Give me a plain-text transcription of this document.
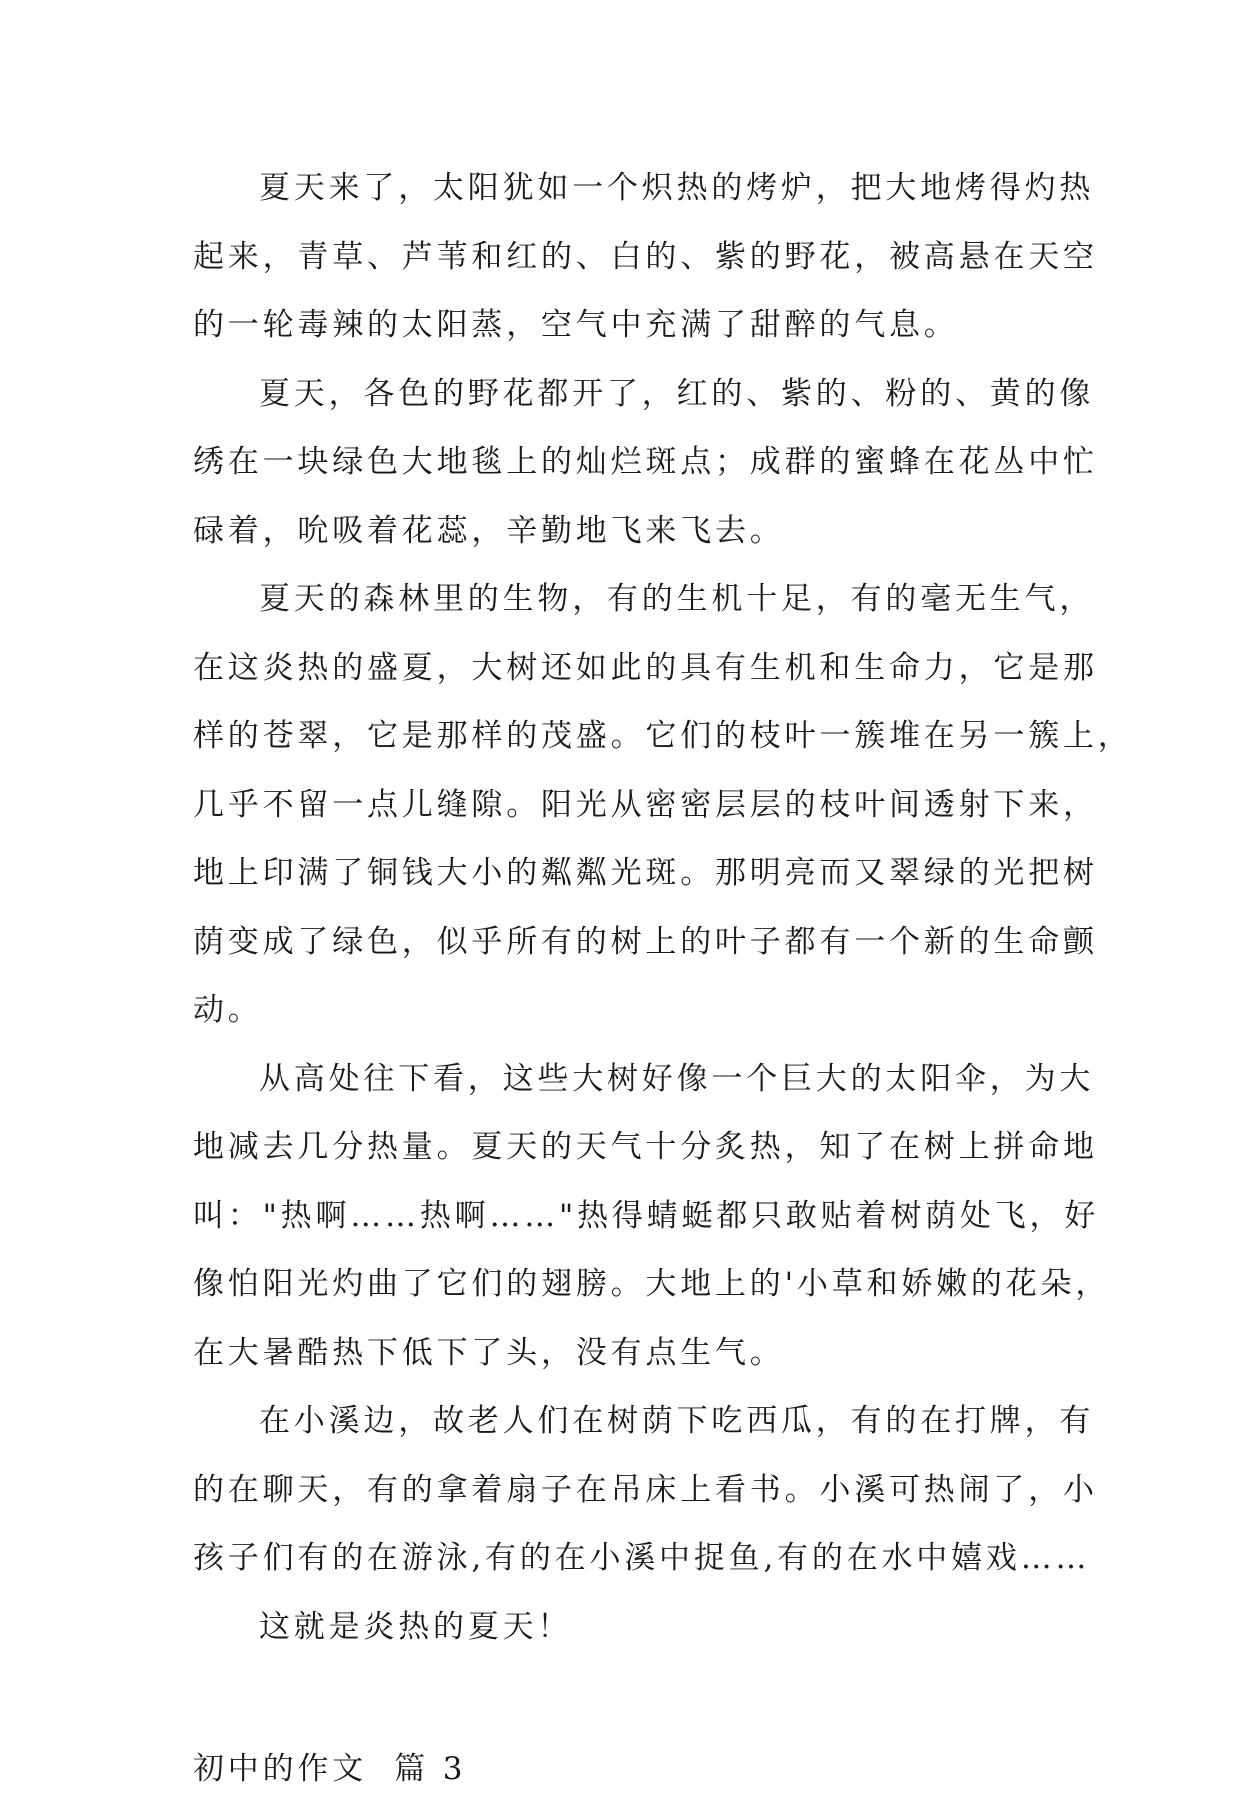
夏天来了，太阳犹如一个炽热的烤炉，把大地烤得灼热
起来，青草、芦苇和红的、白的、紫的野花，被高悬在天空
的一轮毒辣的太阳蒸，空气中充满了甜醉的气息。
夏天，各色的野花都开了，红的、紫的、粉的、黄的像
绣在一块绿色大地毯上的灿烂斑点；成群的蜜蜂在花丛中忙
碌着，吮吸着花蕊，辛勤地飞来飞去。
夏天的森林里的生物，有的生机十足，有的毫无生气，
在这炎热的盛夏，大树还如此的具有生机和生命力，它是那
样的苍翠，它是那样的茂盛。它们的枝叶一簇堆在另一簇上，
几乎不留一点儿缝隙。阳光从密密层层的枝叶间透射下来，
地上印满了铜钱大小的粼粼光斑。那明亮而又翠绿的光把树
荫变成了绿色，似乎所有的树上的叶子都有一个新的生命颤
动。
从高处往下看，这些大树好像一个巨大的太阳伞，为大
地减去几分热量。夏天的天气十分炙热，知了在树上拼命地
叫："热啊……热啊……"热得蜻蜓都只敢贴着树荫处飞，好
像怕阳光灼曲了它们的翅膀。大地上的'小草和娇嫩的花朵，
在大暑酷热下低下了头，没有点生气。
在小溪边，故老人们在树荫下吃西瓜，有的在打牌，有
的在聊天，有的拿着扇子在吊床上看书。小溪可热闹了，小
孩子们有的在游泳,有的在小溪中捉鱼,有的在水中嬉戏……
这就是炎热的夏天！
初中的作文  篇 3
